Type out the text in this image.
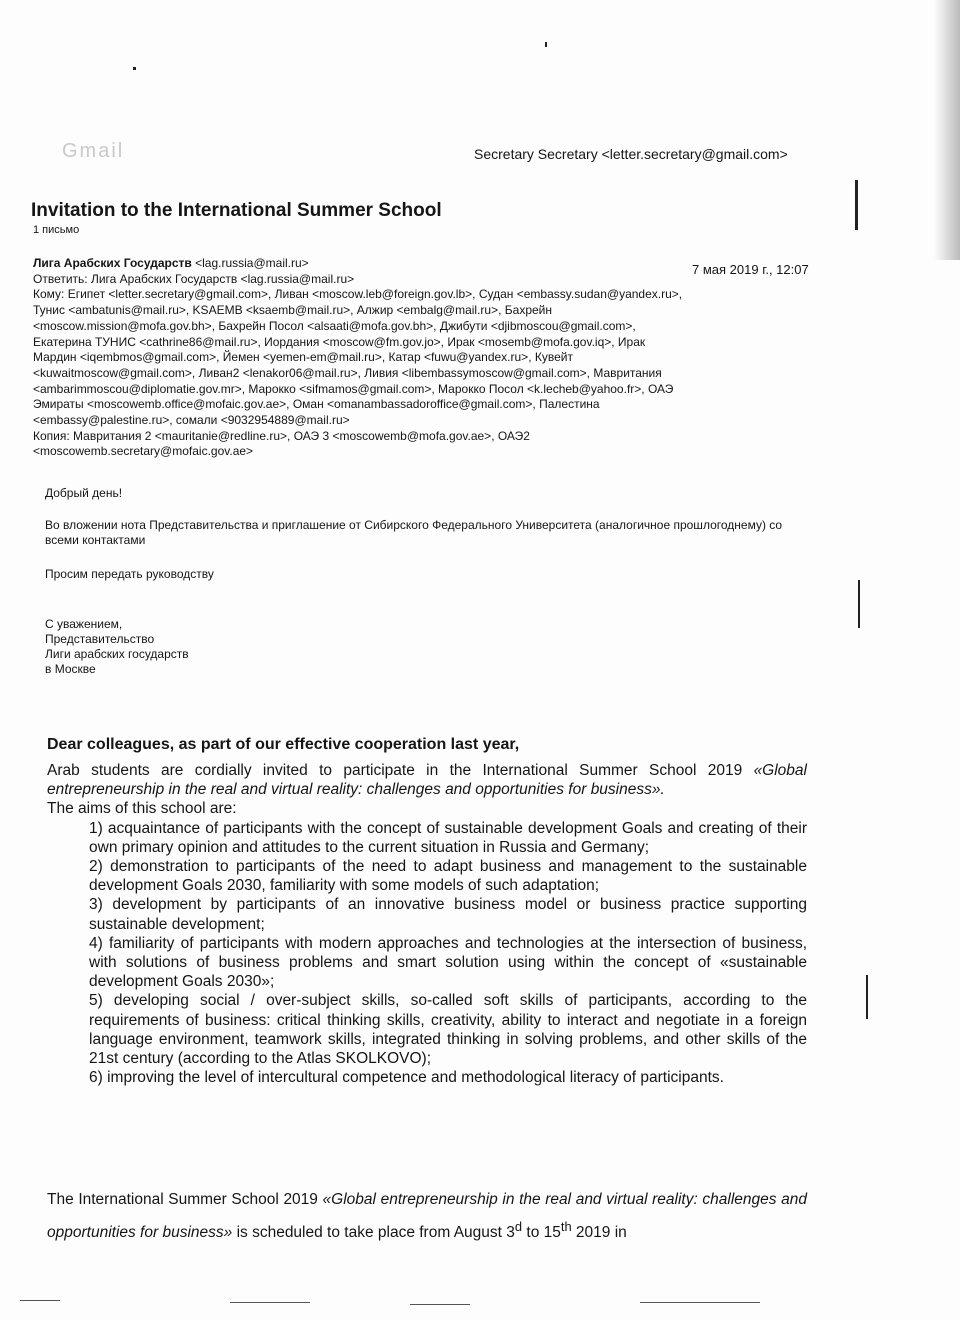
Gmail	Secretary Secretary <letter.secretary@gmail.com>
Invitation to the International Summer School
1 письмо
7 мая 2019 г., 12:07
Лига Арабских Государств <lag.russia@mail.ru>
Ответить: Лига Арабских Государств <lag.russia@mail.ru>
Кому: Египет <letter.secretary@gmail.com>, Ливан <moscow.leb@foreign.gov.lb>, Судан <embassy.sudan@yandex.ru>,
Тунис <ambatunis@mail.ru>, KSAEMB <ksaemb@mail.ru>, Алжир <embalg@mail.ru>, Бахрейн
<moscow.mission@mofa.gov.bh>, Бахрейн Посол <alsaati@mofa.gov.bh>, Джибути <djibmoscou@gmail.com>,
Екатерина ТУНИС <cathrine86@mail.ru>, Иордания <moscow@fm.gov.jo>, Ирак <mosemb@mofa.gov.iq>, Ирак
Мардин <iqembmos@gmail.com>, Йемен <yemen-em@mail.ru>, Катар <fuwu@yandex.ru>, Кувейт
<kuwaitmoscow@gmail.com>, Ливан2 <lenakor06@mail.ru>, Ливия <libembassymoscow@gmail.com>, Мавритания
<ambarimmoscou@diplomatie.gov.mr>, Марокко <sifmamos@gmail.com>, Марокко Посол <k.lecheb@yahoo.fr>, ОАЭ
Эмираты <moscowemb.office@mofaic.gov.ae>, Оман <omanambassadoroffice@gmail.com>, Палестина
<embassy@palestine.ru>, сомали <9032954889@mail.ru>
Копия: Мавритания 2 <mauritanie@redline.ru>, ОАЭ 3 <moscowemb@mofa.gov.ae>, ОАЭ2
<moscowemb.secretary@mofaic.gov.ae>
Добрый день!
Во вложении нота Представительства и приглашение от Сибирского Федерального Университета (аналогичное прошлогоднему) со всеми контактами
Просим передать руководству
С уважением,
Представительство
Лиги арабских государств
в Москве
Dear colleagues, as part of our effective cooperation last year,

Arab students are cordially invited to participate in the International Summer School 2019 «Global entrepreneurship in the real and virtual reality: challenges and opportunities for business».

The aims of this school are:

1) acquaintance of participants with the concept of sustainable development Goals and creating of their own primary opinion and attitudes to the current situation in Russia and Germany;
2) demonstration to participants of the need to adapt business and management to the sustainable development Goals 2030, familiarity with some models of such adaptation;
3) development by participants of an innovative business model or business practice supporting sustainable development;
4) familiarity of participants with modern approaches and technologies at the intersection of business, with solutions of business problems and smart solution using within the concept of «sustainable development Goals 2030»;
5) developing social / over-subject skills, so-called soft skills of participants, according to the requirements of business: critical thinking skills, creativity, ability to interact and negotiate in a foreign language environment, teamwork skills, integrated thinking in solving problems, and other skills of the 21st century (according to the Atlas SKOLKOVO);
6) improving the level of intercultural competence and methodological literacy of participants.
The International Summer School 2019 «Global entrepreneurship in the real and virtual reality: challenges and opportunities for business» is scheduled to take place from August 3$^d$ to 15th 2019 in
